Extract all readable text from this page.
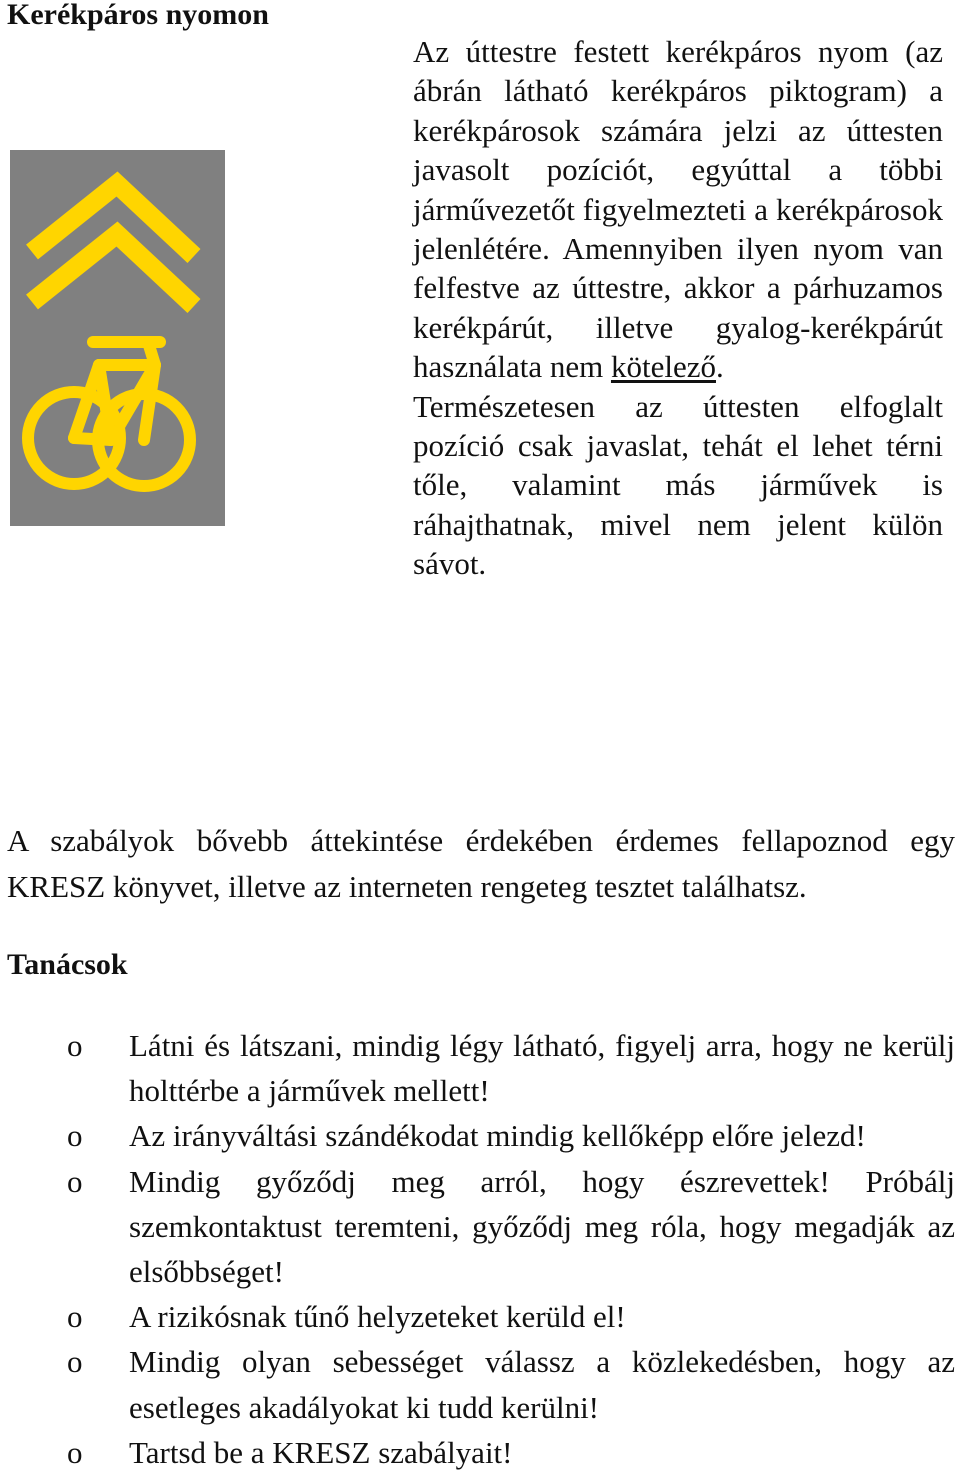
Kerékpáros nyomon

Az úttestre festett kerékpáros nyom (az ábrán látható kerékpáros piktogram) a kerékpárosok számára jelzi az úttesten javasolt pozíciót, egyúttal a többi járművezetőt figyelmezteti a kerékpárosok jelenlétére. Amennyiben ilyen nyom van felfestve az úttestre, akkor a párhuzamos kerékpárút, illetve gyalog-kerékpárút használata nem kötelező.

Természetesen az úttesten elfoglalt pozíció csak javaslat, tehát el lehet térni tőle, valamint más járművek is ráhajthatnak, mivel nem jelent külön sávot.

A szabályok bővebb áttekintése érdekében érdemes fellapoznod egy KRESZ könyvet, illetve az interneten rengeteg tesztet találhatsz.

Tanácsok
o Látni és látszani, mindig légy látható, figyelj arra, hogy ne kerülj holttérbe a járművek mellett!
o Az irányváltási szándékodat mindig kellőképp előre jelezd!
o Mindig győződj meg arról, hogy észrevettek! Próbálj szemkontaktust teremteni, győződj meg róla, hogy megadják az elsőbbséget!
o A rizikósnak tűnő helyzeteket kerüld el!
o Mindig olyan sebességet válassz a közlekedésben, hogy az esetleges akadályokat ki tudd kerülni!
o Tartsd be a KRESZ szabályait!
